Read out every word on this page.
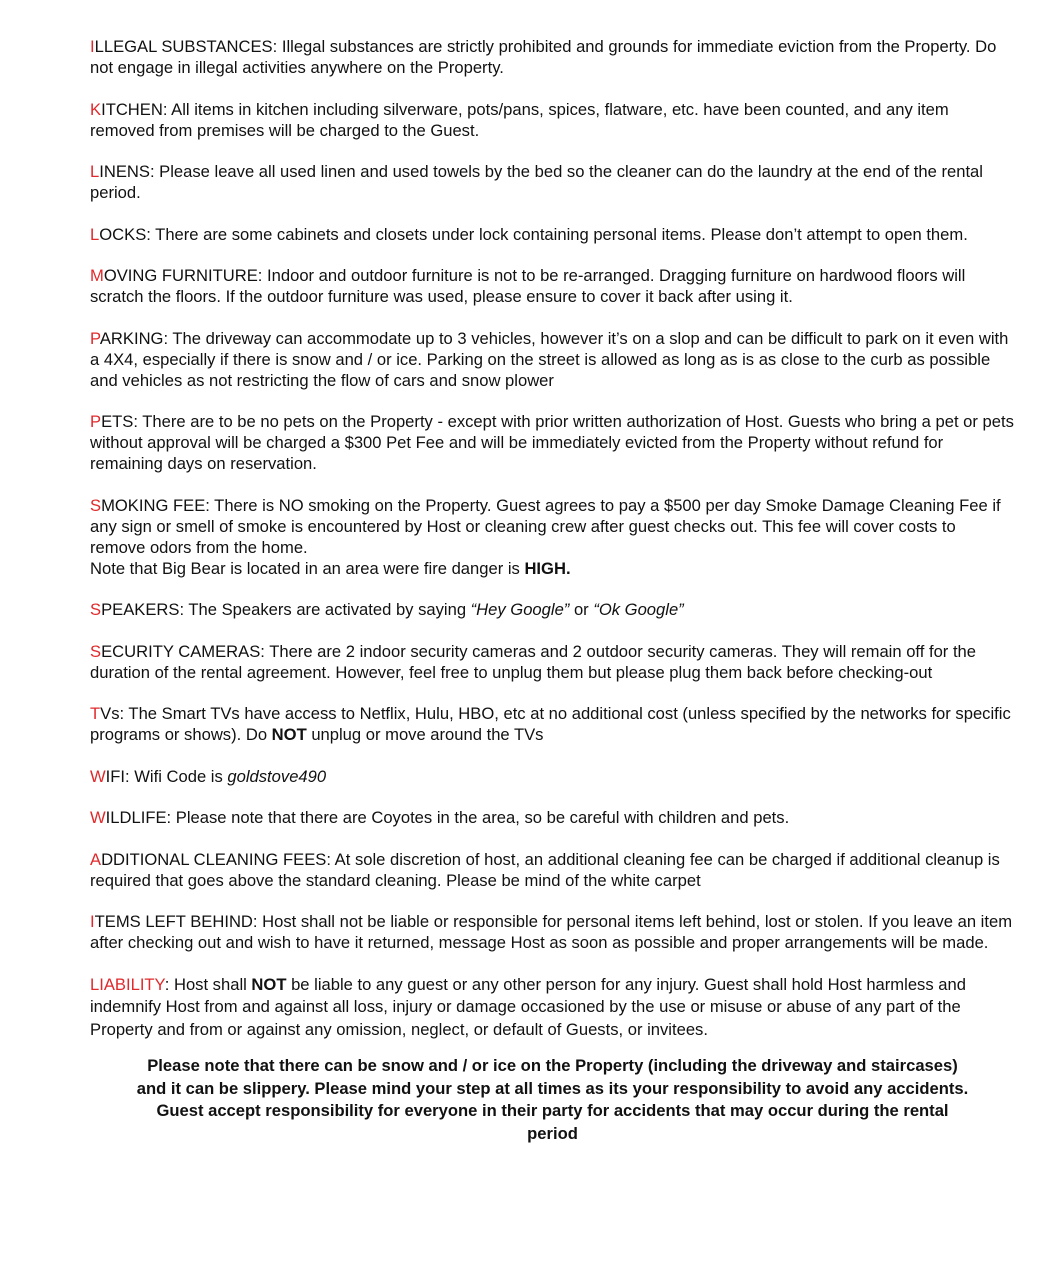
ILLEGAL SUBSTANCES: Illegal substances are strictly prohibited and grounds for immediate eviction from the Property. Do not engage in illegal activities anywhere on the Property.

KITCHEN: All items in kitchen including silverware, pots/pans, spices, flatware, etc. have been counted, and any item removed from premises will be charged to the Guest.

LINENS: Please leave all used linen and used towels by the bed so the cleaner can do the laundry at the end of the rental period.

LOCKS: There are some cabinets and closets under lock containing personal items. Please don’t attempt to open them.

MOVING FURNITURE: Indoor and outdoor furniture is not to be re-arranged. Dragging furniture on hardwood floors will scratch the floors. If the outdoor furniture was used, please ensure to cover it back after using it.

PARKING: The driveway can accommodate up to 3 vehicles, however it’s on a slop and can be difficult to park on it even with a 4X4, especially if there is snow and / or ice. Parking on the street is allowed as long as is as close to the curb as possible and vehicles as not restricting the flow of cars and snow plower

PETS: There are to be no pets on the Property - except with prior written authorization of Host. Guests who bring a pet or pets without approval will be charged a $300 Pet Fee and will be immediately evicted from the Property without refund for remaining days on reservation.

SMOKING FEE: There is NO smoking on the Property. Guest agrees to pay a $500 per day Smoke Damage Cleaning Fee if any sign or smell of smoke is encountered by Host or cleaning crew after guest checks out. This fee will cover costs to remove odors from the home.
Note that Big Bear is located in an area were fire danger is HIGH.

SPEAKERS: The Speakers are activated by saying “Hey Google” or “Ok Google”

SECURITY CAMERAS: There are 2 indoor security cameras and 2 outdoor security cameras. They will remain off for the duration of the rental agreement. However, feel free to unplug them but please plug them back before checking-out

TVs: The Smart TVs have access to Netflix, Hulu, HBO, etc at no additional cost (unless specified by the networks for specific programs or shows). Do NOT unplug or move around the TVs

WIFI: Wifi Code is goldstove490

WILDLIFE: Please note that there are Coyotes in the area, so be careful with children and pets.

ADDITIONAL CLEANING FEES: At sole discretion of host, an additional cleaning fee can be charged if additional cleanup is required that goes above the standard cleaning. Please be mind of the white carpet

ITEMS LEFT BEHIND: Host shall not be liable or responsible for personal items left behind, lost or stolen. If you leave an item after checking out and wish to have it returned, message Host as soon as possible and proper arrangements will be made.

LIABILITY: Host shall NOT be liable to any guest or any other person for any injury. Guest shall hold Host harmless and indemnify Host from and against all loss, injury or damage occasioned by the use or misuse or abuse of any part of the Property and from or against any omission, neglect, or default of Guests, or invitees.

Please note that there can be snow and / or ice on the Property (including the driveway and staircases)
and it can be slippery. Please mind your step at all times as its your responsibility to avoid any accidents.
Guest accept responsibility for everyone in their party for accidents that may occur during the rental
period
